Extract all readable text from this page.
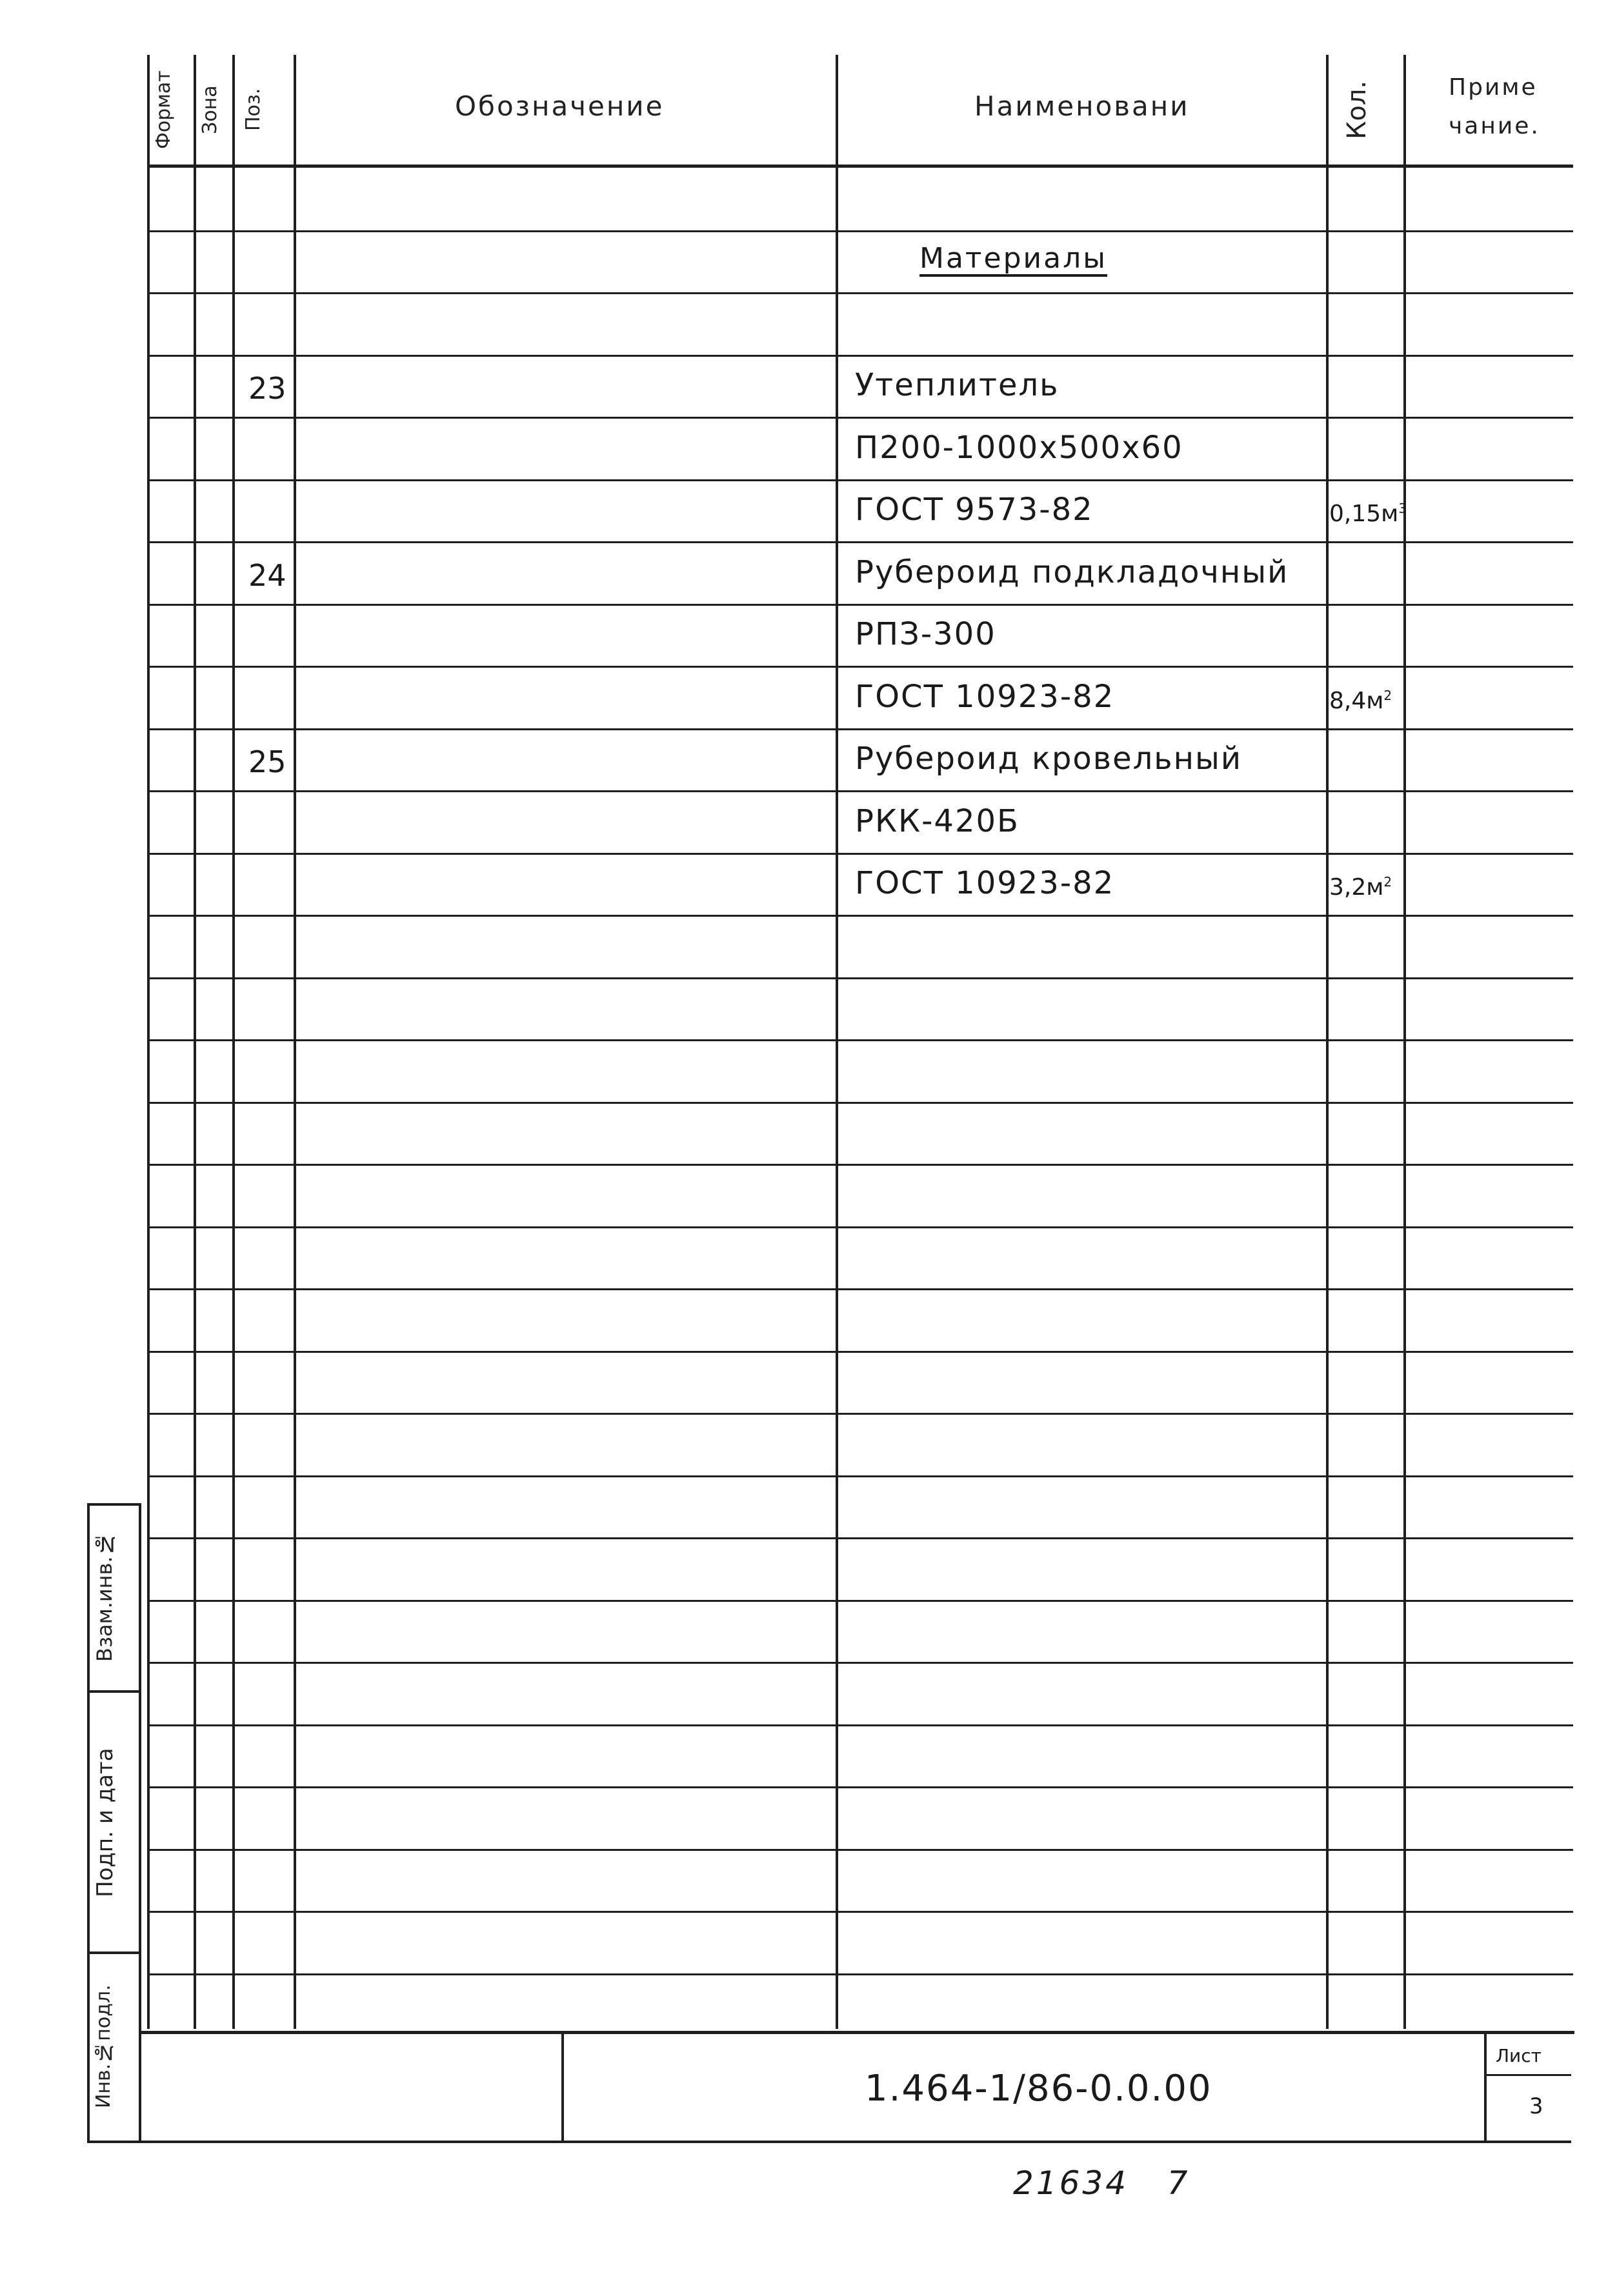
Формат	Зона	Поз.	Обозначение	Наименовани	Кол.	Приме
чание.
Материалы
23	Утеплитель
П200-1000х500х60
ГОСТ 9573-82	$0,15м^3$
24	Рубероид подкладочный
РПЗ-300
ГОСТ 10923-82	$8,4м^2$
25	Рубероид кровельный
РКК-420Б
ГОСТ 10923-82	$3,2м^2$
Взам.инв.№
Подп. и дата
Инв.№подл.	1.464-1/86-0.0.00
Лист
3
21634   7
